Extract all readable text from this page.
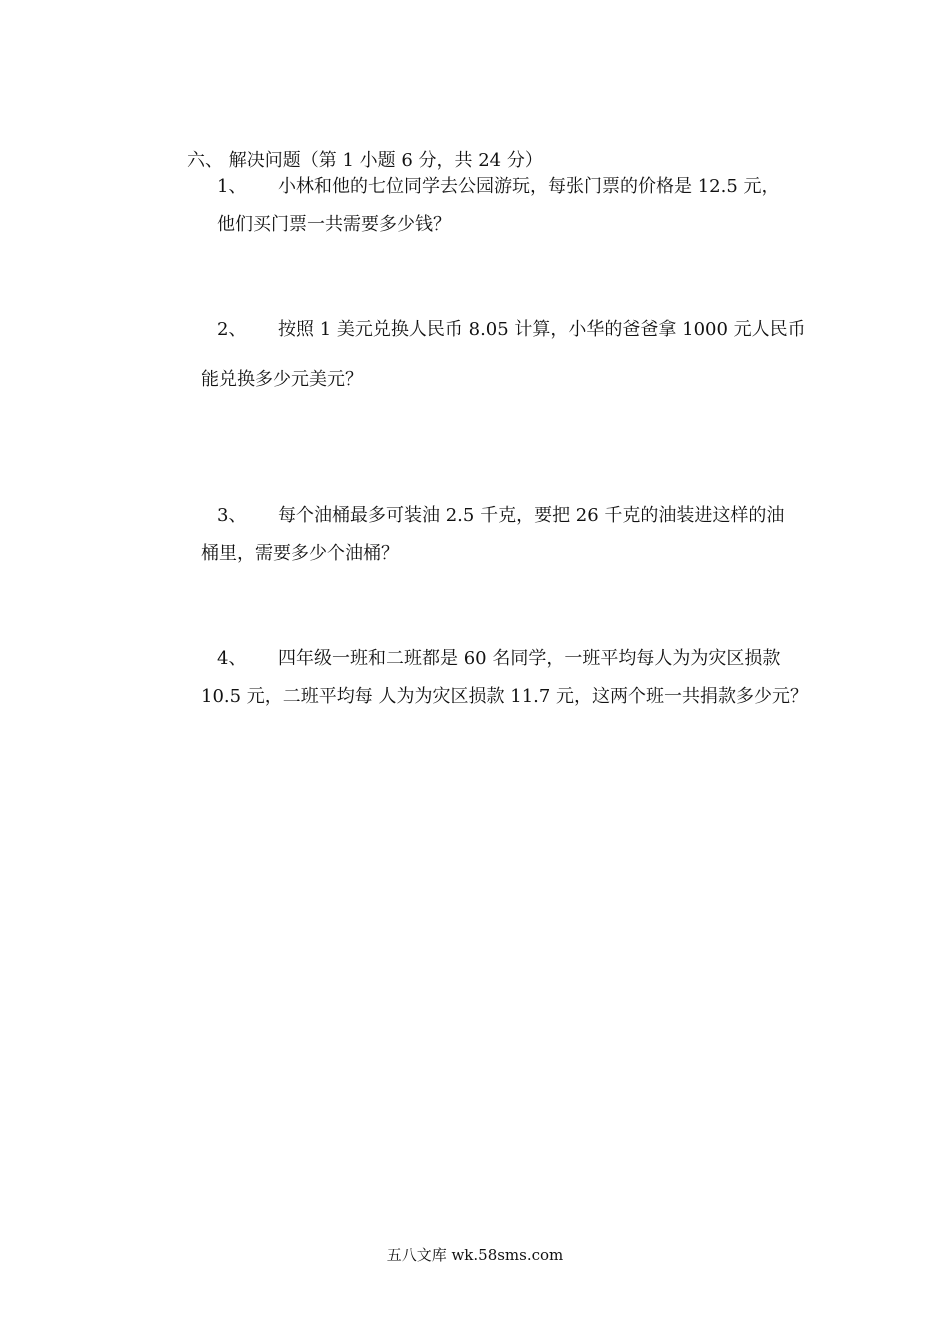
六、 解决问题（第 1 小题 6 分，共 24 分）
1、 小林和他的七位同学去公园游玩，每张门票的价格是 12.5 元，
他们买门票一共需要多少钱？
2、 按照 1 美元兑换人民币 8.05 计算，小华的爸爸拿 1000 元人民币
能兑换多少元美元？
3、 每个油桶最多可装油 2.5 千克，要把 26 千克的油装进这样的油
桶里，需要多少个油桶？
4、 四年级一班和二班都是 60 名同学，一班平均每人为为灾区损款
10.5 元，二班平均每 人为为灾区损款 11.7 元，这两个班一共捐款多少元？
五八文库 wk.58sms.com
